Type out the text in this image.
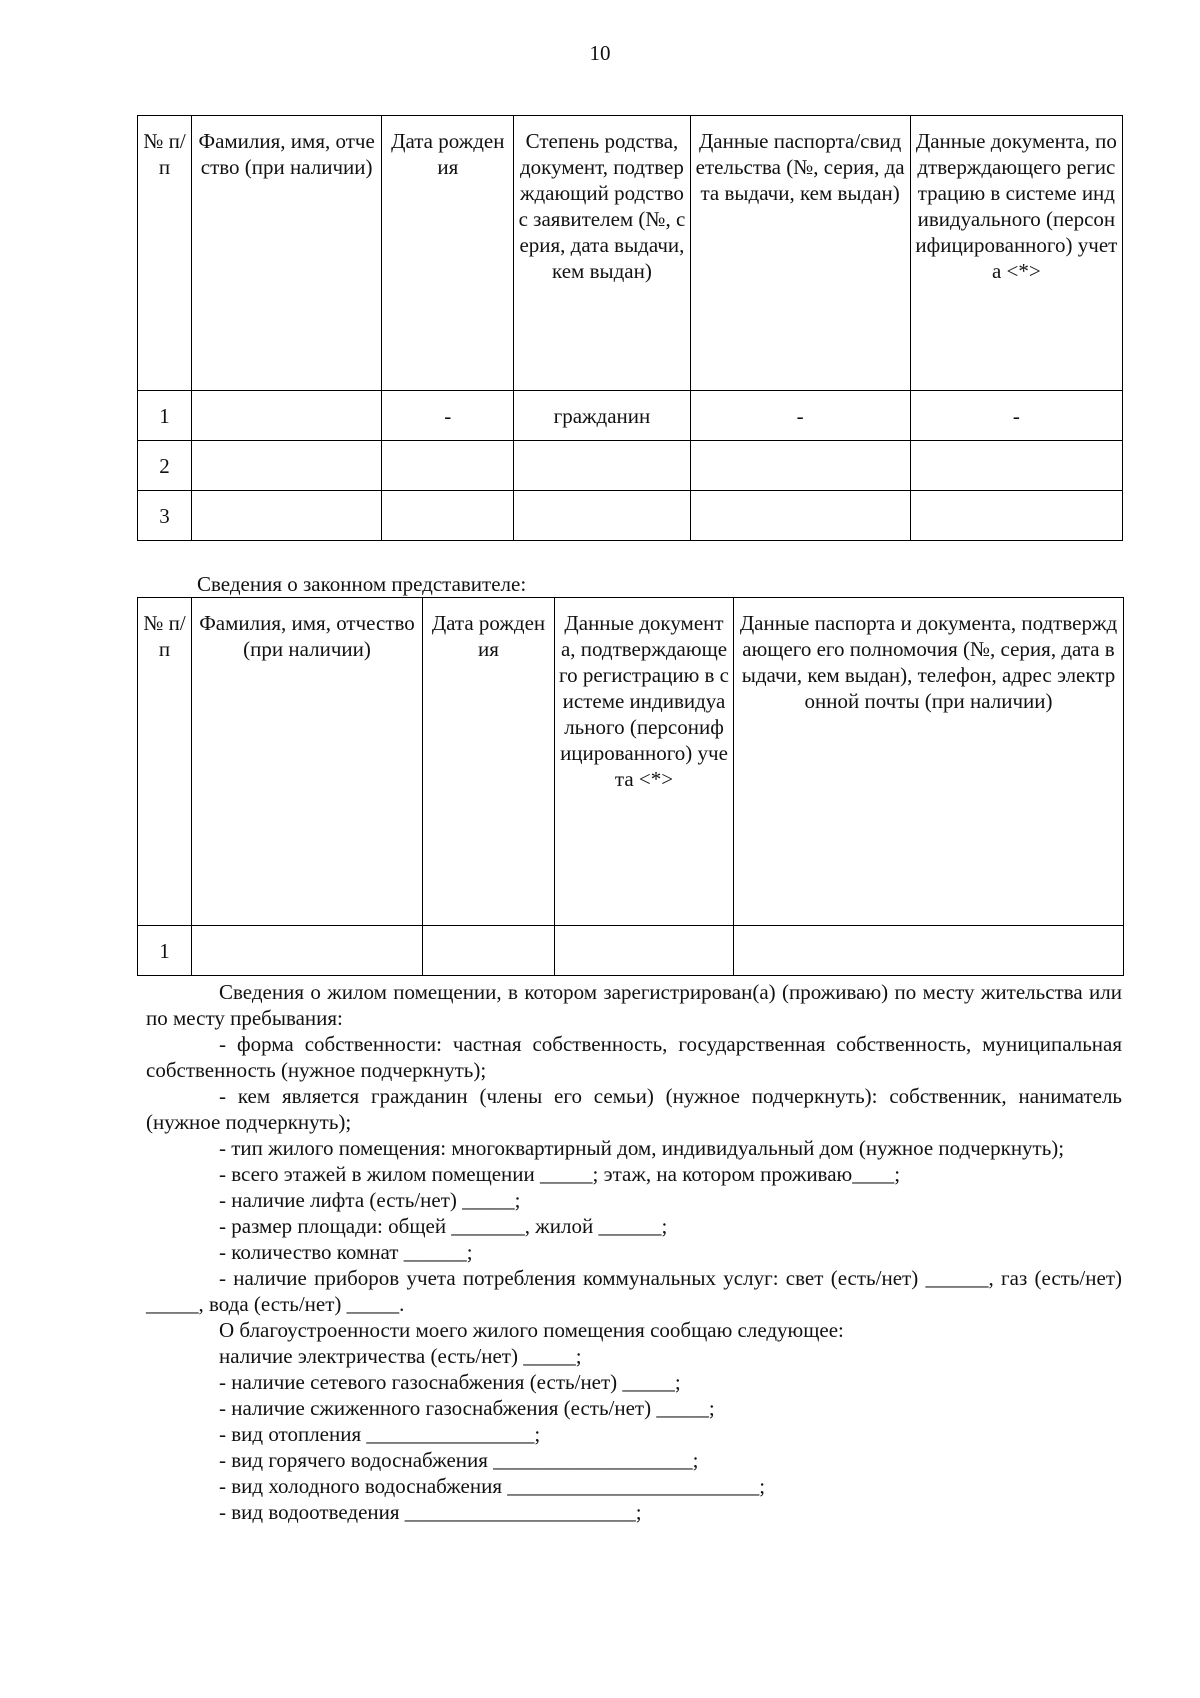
10
№ п/п	Фамилия, имя, отчество (при наличии)	Дата рождения	Степень родства, документ, подтверждающий родство с заявителем (№, серия, дата выдачи, кем выдан)	Данные паспорта/свидетельства (№, серия, дата выдачи, кем выдан)	Данные документа, подтверждающего регистрацию в системе индивидуального (персонифицированного) учета <*>
1		-	гражданин	-	-
2					
3					
Сведения о законном представителе:
№ п/п	Фамилия, имя, отчество (при наличии)	Дата рождения	Данные документа, подтверждающего регистрацию в системе индивидуального (персонифицированного) учета <*>	Данные паспорта и документа, подтверждающего его полномочия (№, серия, дата выдачи, кем выдан), телефон, адрес электронной почты (при наличии)
1				

Сведения о жилом помещении, в котором зарегистрирован(а) (проживаю) по месту жительства или по месту пребывания:

- форма собственности: частная собственность, государственная собственность, муниципальная собственность (нужное подчеркнуть);

- кем является гражданин (члены его семьи) (нужное подчеркнуть): собственник, наниматель (нужное подчеркнуть);

- тип жилого помещения: многоквартирный дом, индивидуальный дом (нужное подчеркнуть);

- всего этажей в жилом помещении _____; этаж, на котором проживаю____;

- наличие лифта (есть/нет) _____;

- размер площади: общей _______, жилой ______;

- количество комнат ______;

- наличие приборов учета потребления коммунальных услуг: свет (есть/нет) ______, газ (есть/нет) _____, вода (есть/нет) _____.

О благоустроенности моего жилого помещения сообщаю следующее:

наличие электричества (есть/нет) _____;

- наличие сетевого газоснабжения (есть/нет) _____;

- наличие сжиженного газоснабжения (есть/нет) _____;

- вид отопления ________________;

- вид горячего водоснабжения ___________________;

- вид холодного водоснабжения ________________________;

- вид водоотведения ______________________;
